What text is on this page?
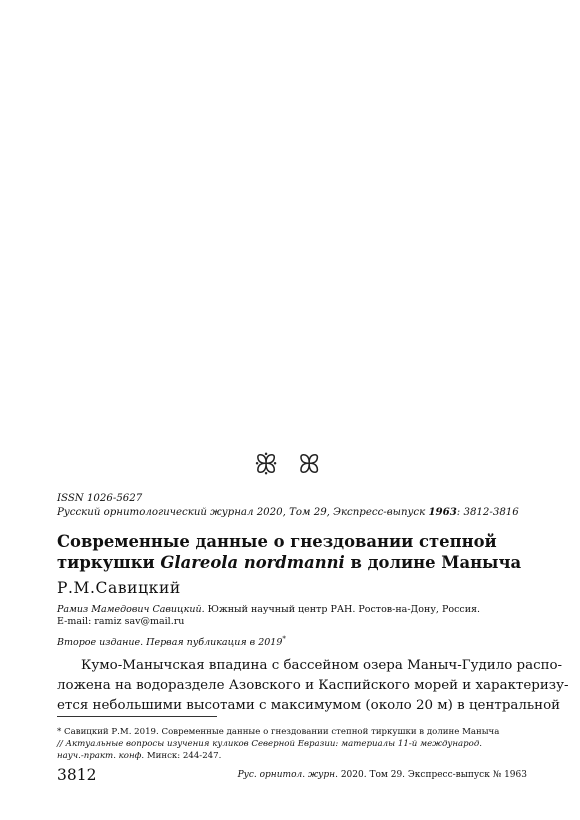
ꕥ ꕤ
ISSN 1026-5627
Русский орнитологический журнал 2020, Том 29, Экспресс-выпуск 1963: 3812-3816
Современные данные о гнездовании степной
тиркушки Glareola nordmanni в долине Маныча
Р.М.Савицкий
Рамиз Мамедович Савицкий. Южный научный центр РАН. Ростов-на-Дону, Россия.
E-mail: ramiz sav@mail.ru
Второе издание. Первая публикация в 2019*
Кумо-Манычская впадина с бассейном озера Маныч-Гудило распо-
ложена на водоразделе Азовского и Каспийского морей и характеризу-
ется небольшими высотами с максимумом (около 20 м) в центральной
* Савицкий Р.М. 2019. Современные данные о гнездовании степной тиркушки в долине Маныча
// Актуальные вопросы изучения куликов Северной Евразии: материалы 11-й международ.
науч.-практ. конф. Минск: 244-247.
3812	Рус. орнитол. журн. 2020. Том 29. Экспресс-выпуск № 1963
